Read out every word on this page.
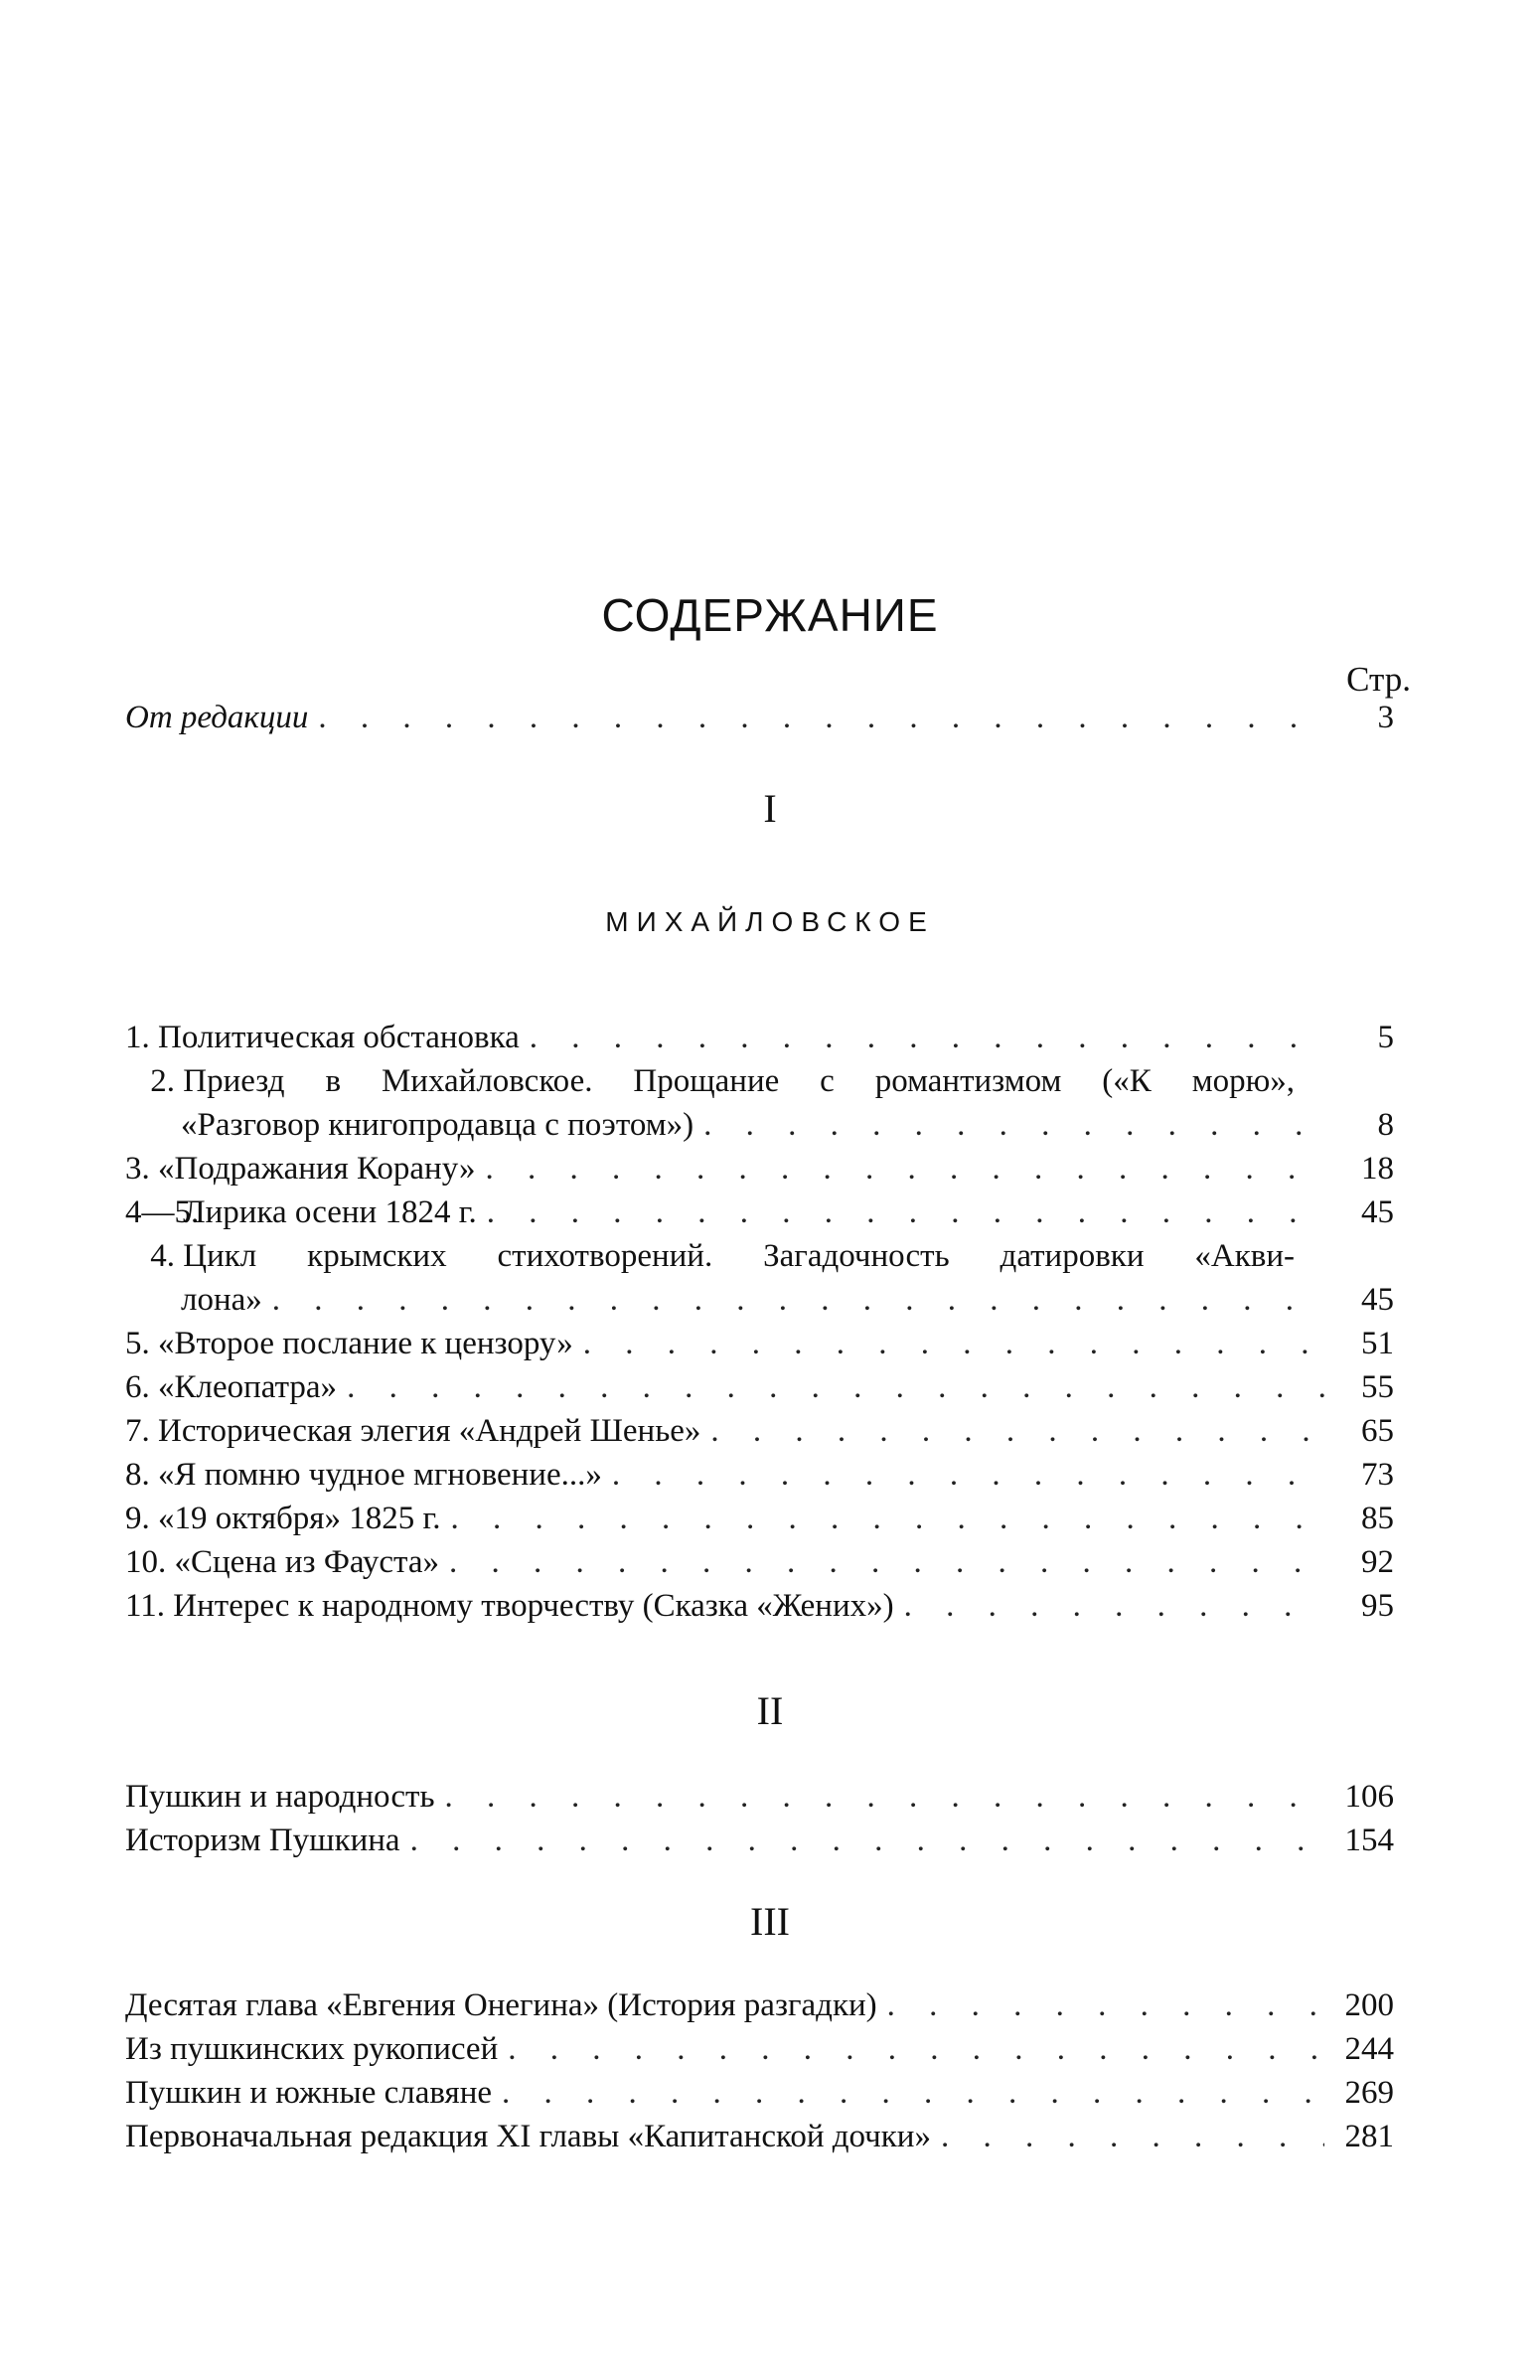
СОДЕРЖАНИЕ
Стр.
От редакции . . .	3
I
МИХАЙЛОВСКОЕ
1.
Политическая обстановка . . .	5
2.
Приезд в Михайловское. Прощание с романтизмом («К морю»,
«Разговор книгопродавца с поэтом») . . .	8
3.
«Подражания Корану» . . .	18
4—5.

Лирика осени 1824 г. . . .	45
4.
Цикл крымских стихотворений. Загадочность датировки «Акви-
лона» . . .	45
5.
«Второе послание к цензору» . . .	51
6.
«Клеопатра» . . .	55
7.
Историческая элегия «Андрей Шенье» . . .	65
8.
«Я помню чудное мгновение...» . . .	73
9.
«19 октября» 1825 г. . . .	85
10.
«Сцена из Фауста» . . .	92
11.
Интерес к народному творчеству (Сказка «Жених») . . .	95
II
Пушкин и народность . . .	106
Историзм Пушкина . . .	154
III
Десятая глава «Евгения Онегина» (История разгадки) . . .	200
Из пушкинских рукописей . . .	244
Пушкин и южные славяне . . .	269
Первоначальная редакция XI главы «Капитанской дочки» . . .	281
